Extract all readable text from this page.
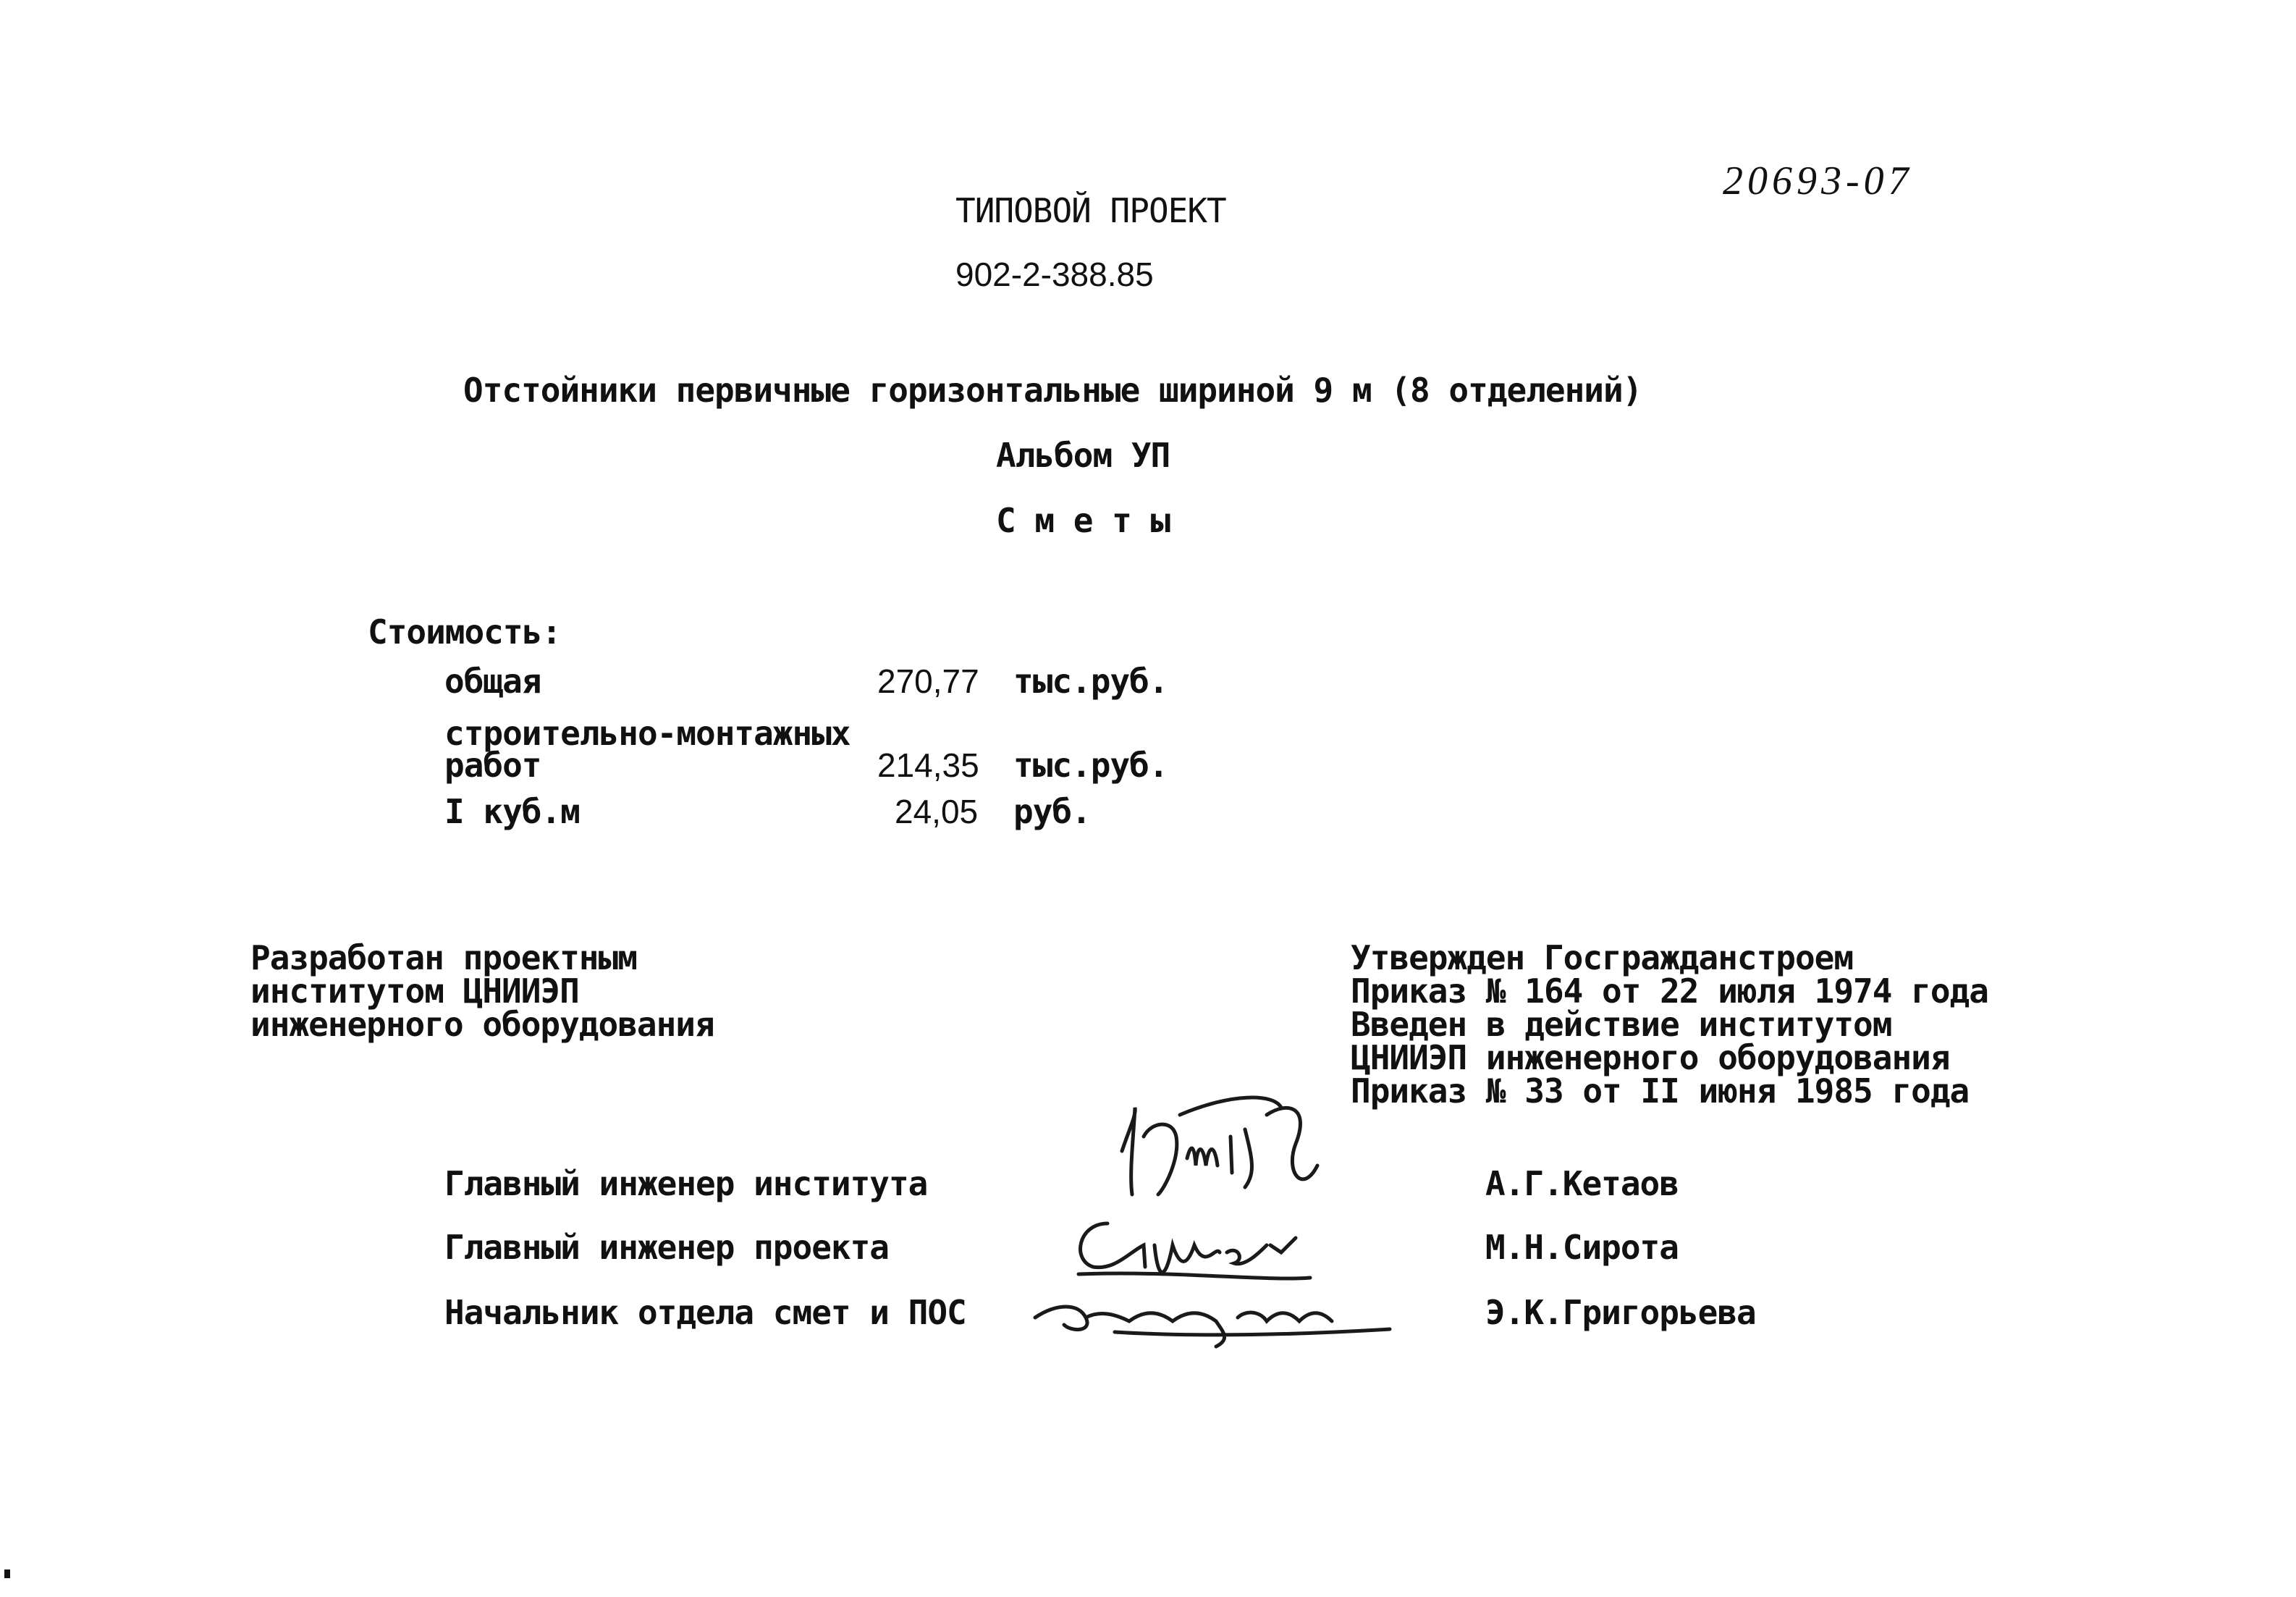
20693-07
ТИПОВОЙ ПРОЕКТ
902-2-388.85
Отстойники первичные горизонтальные шириной 9 м (8 отделений)
Альбом УП
С м е т ы
Стоимость:
общая	270,77 тыс.руб.
строительно-монтажных
работ	214,35 тыс.руб.
I куб.м	24,05 руб.
Разработан проектным
институтом ЦНИИЭП
инженерного оборудования
Утвержден Госгражданстроем
Приказ № 164 от 22 июля 1974 года
Введен в действие институтом
ЦНИИЭП инженерного оборудования
Приказ № 33 от II июня 1985 года
Главный инженер института	А.Г.Кетаов
Главный инженер проекта	М.Н.Сирота
Начальник отдела смет и ПОС	Э.К.Григорьева
